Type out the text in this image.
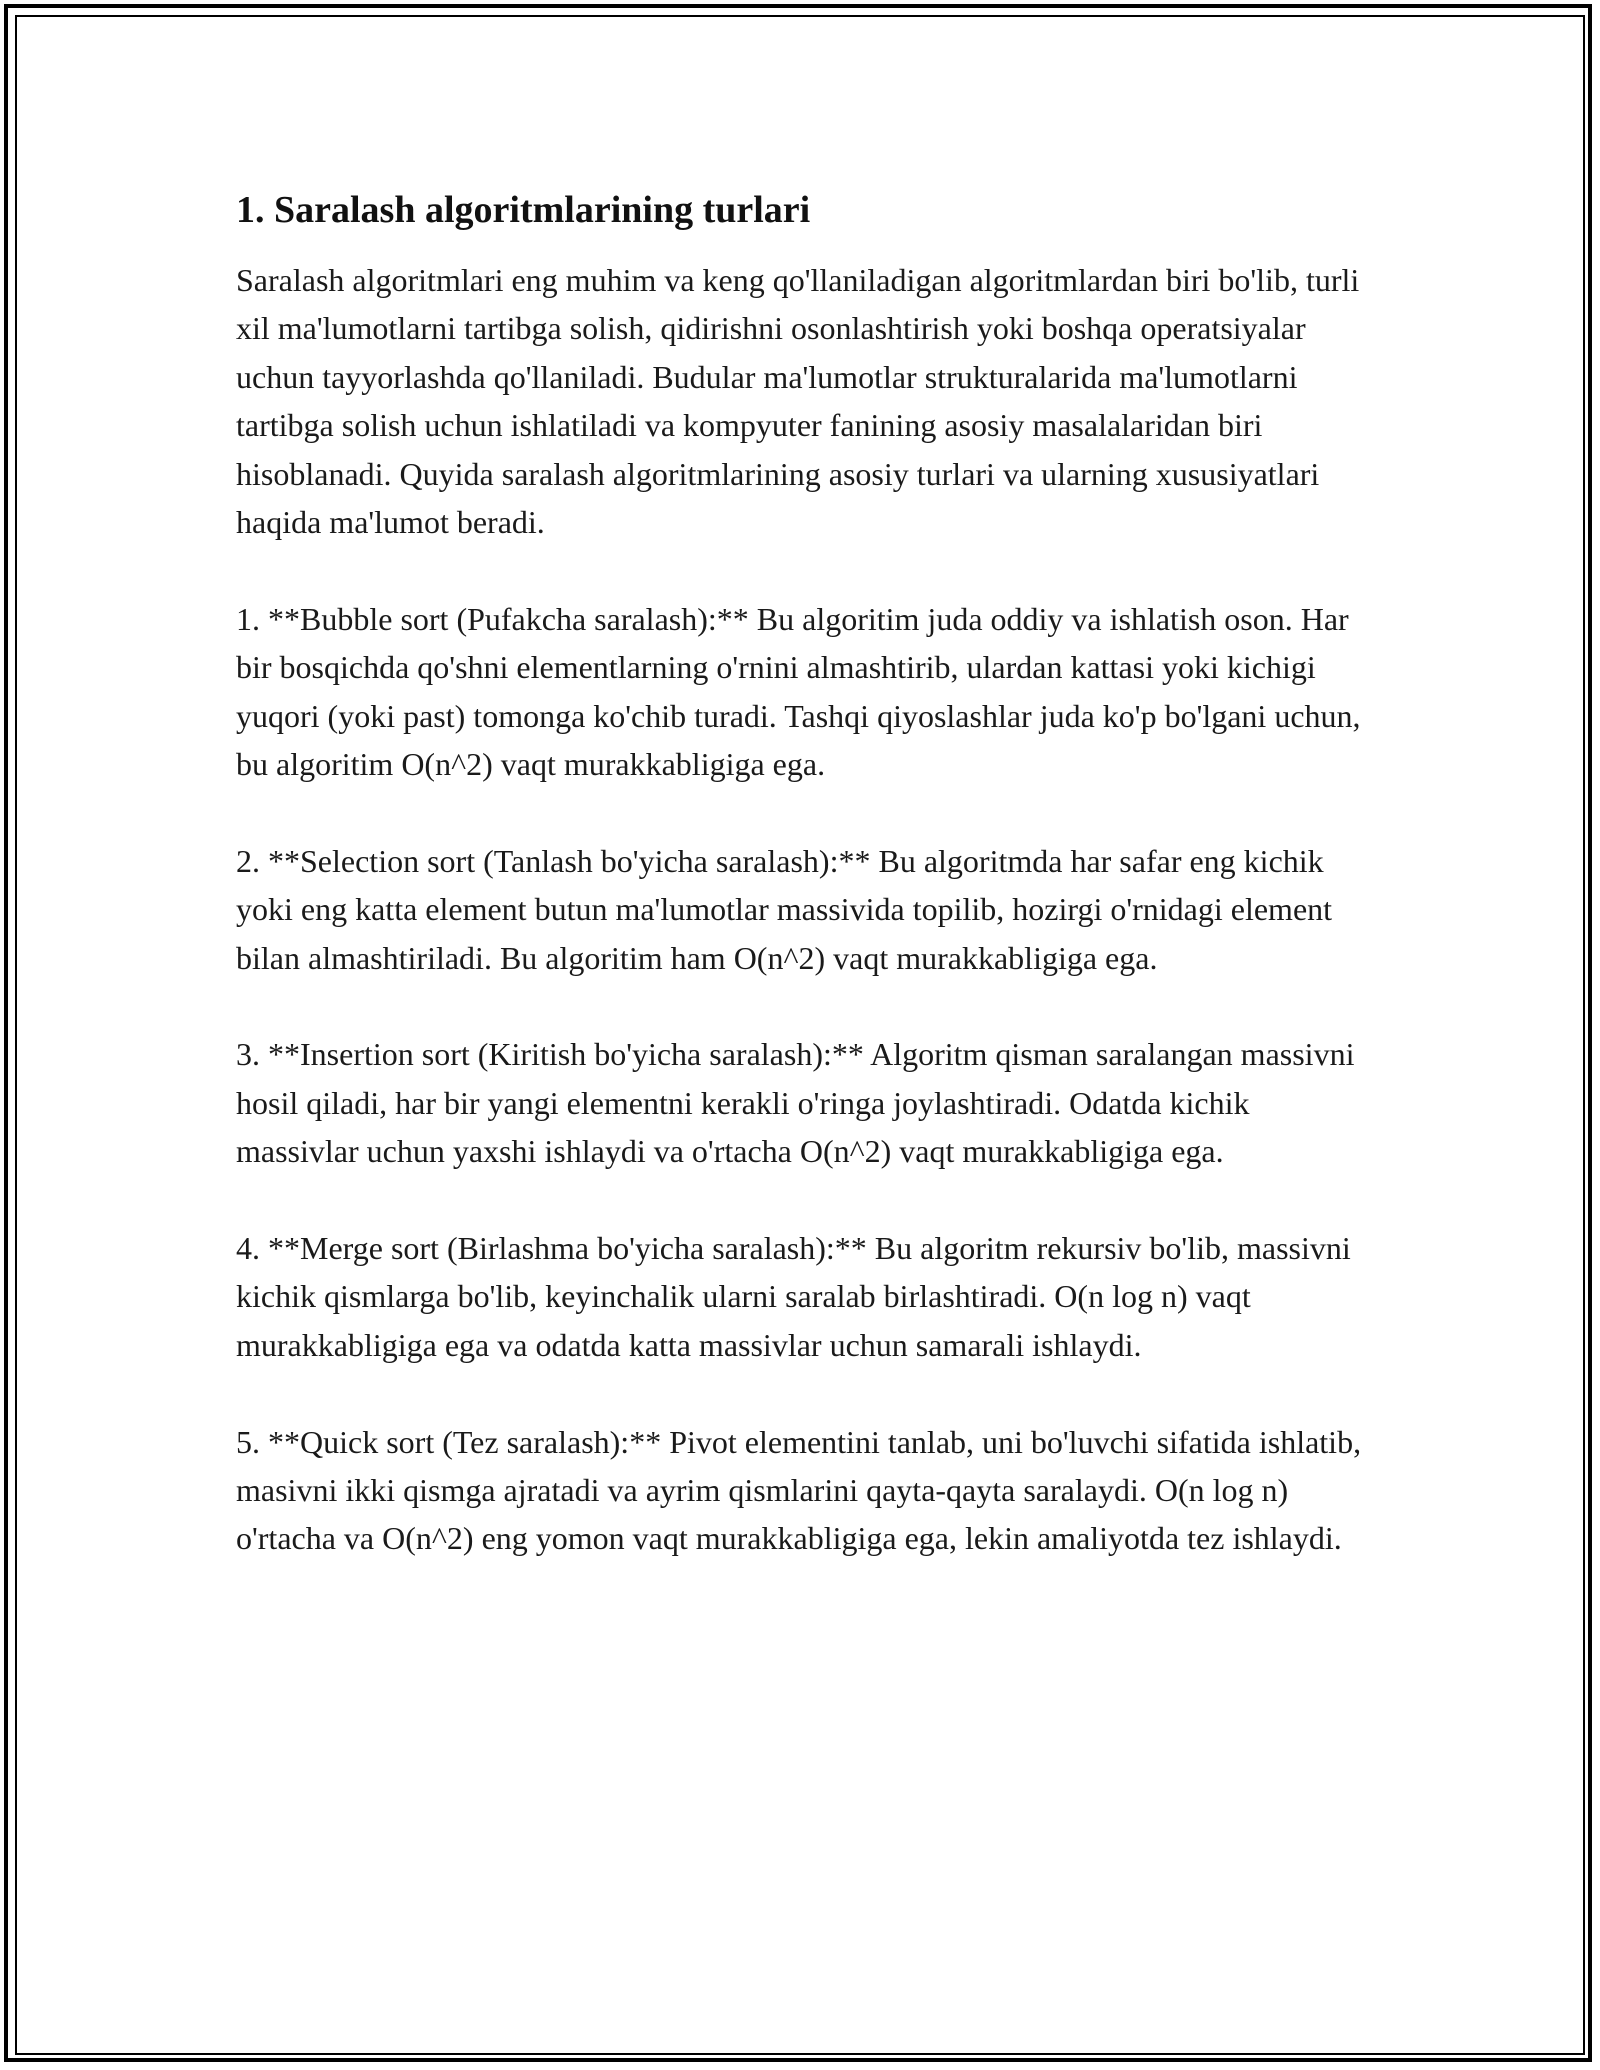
1. Saralash algoritmlarining turlari

Saralash algoritmlari eng muhim va keng qo'llaniladigan algoritmlardan biri bo'lib, turli xil ma'lumotlarni tartibga solish, qidirishni osonlashtirish yoki boshqa operatsiyalar uchun tayyorlashda qo'llaniladi. Budular ma'lumotlar strukturalarida ma'lumotlarni tartibga solish uchun ishlatiladi va kompyuter fanining asosiy masalalaridan biri hisoblanadi. Quyida saralash algoritmlarining asosiy turlari va ularning xususiyatlari haqida ma'lumot beradi.

1. **Bubble sort (Pufakcha saralash):** Bu algoritim juda oddiy va ishlatish oson. Har bir bosqichda qo'shni elementlarning o'rnini almashtirib, ulardan kattasi yoki kichigi yuqori (yoki past) tomonga ko'chib turadi. Tashqi qiyoslashlar juda ko'p bo'lgani uchun, bu algoritim O(n^2) vaqt murakkabligiga ega.

2. **Selection sort (Tanlash bo'yicha saralash):** Bu algoritmda har safar eng kichik yoki eng katta element butun ma'lumotlar massivida topilib, hozirgi o'rnidagi element bilan almashtiriladi. Bu algoritim ham O(n^2) vaqt murakkabligiga ega.

3. **Insertion sort (Kiritish bo'yicha saralash):** Algoritm qisman saralangan massivni hosil qiladi, har bir yangi elementni kerakli o'ringa joylashtiradi. Odatda kichik massivlar uchun yaxshi ishlaydi va o'rtacha O(n^2) vaqt murakkabligiga ega.

4. **Merge sort (Birlashma bo'yicha saralash):** Bu algoritm rekursiv bo'lib, massivni kichik qismlarga bo'lib, keyinchalik ularni saralab birlashtiradi. O(n log n) vaqt murakkabligiga ega va odatda katta massivlar uchun samarali ishlaydi.

5. **Quick sort (Tez saralash):** Pivot elementini tanlab, uni bo'luvchi sifatida ishlatib, masivni ikki qismga ajratadi va ayrim qismlarini qayta-qayta saralaydi. O(n log n) o'rtacha va O(n^2) eng yomon vaqt murakkabligiga ega, lekin amaliyotda tez ishlaydi.
